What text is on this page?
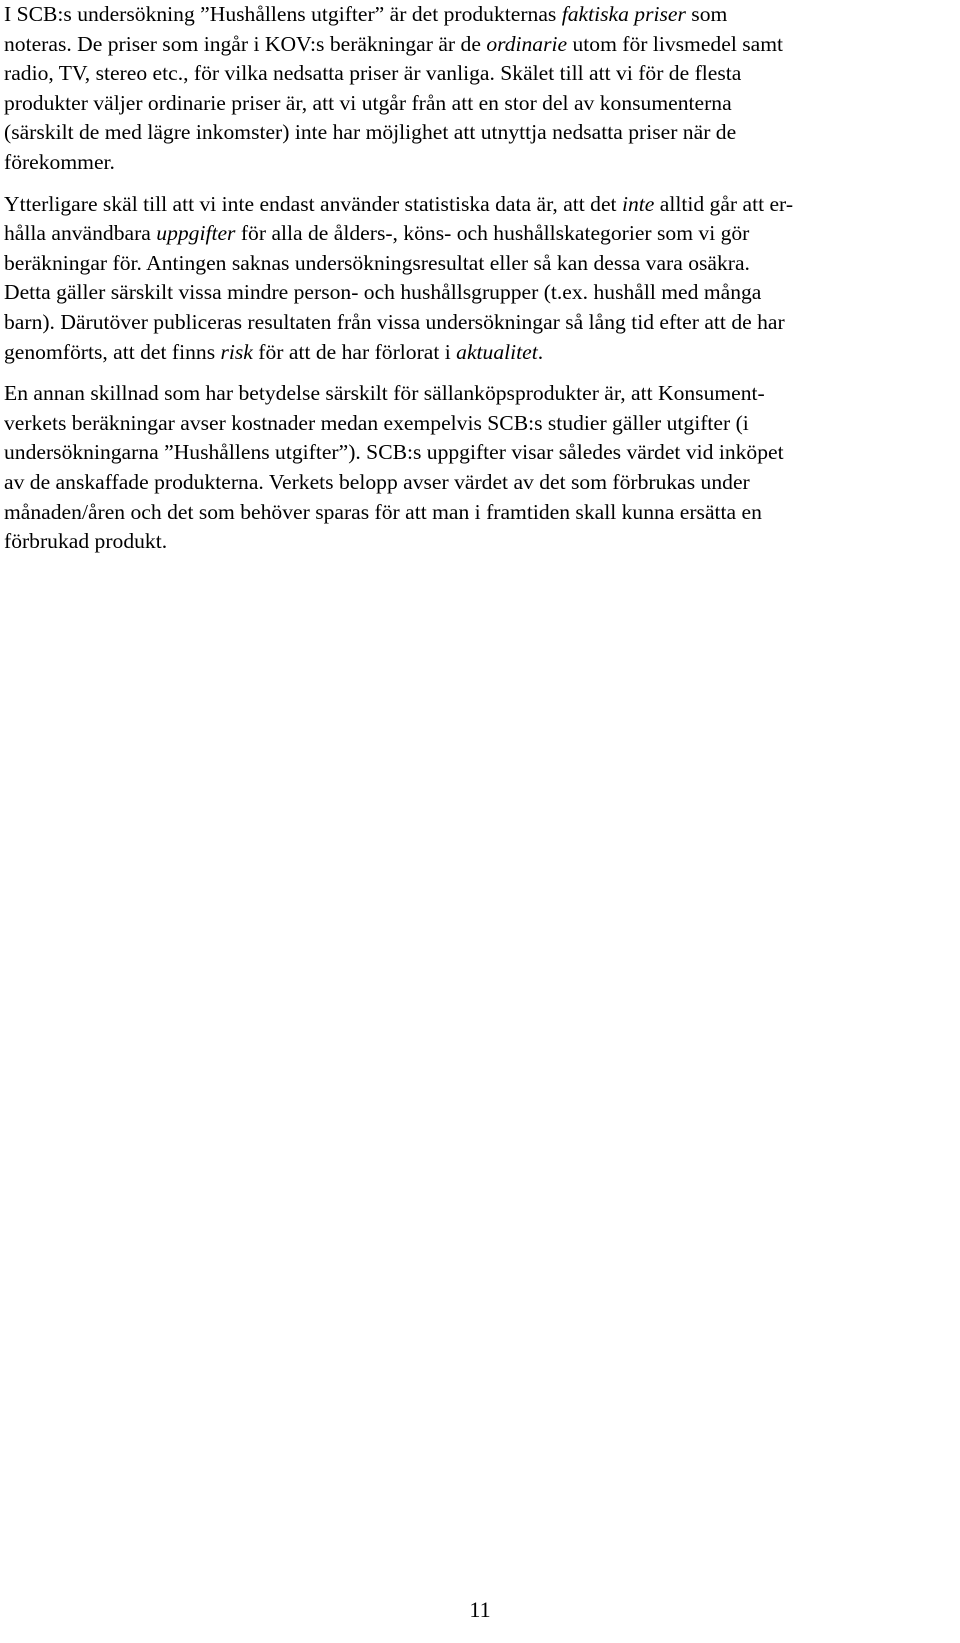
I SCB:s undersökning ”Hushållens utgifter” är det produkternas faktiska priser som
noteras. De priser som ingår i KOV:s beräkningar är de ordinarie utom för livsmedel samt
radio, TV, stereo etc., för vilka nedsatta priser är vanliga. Skälet till att vi för de flesta
produkter väljer ordinarie priser är, att vi utgår från att en stor del av konsumenterna
(särskilt de med lägre inkomster) inte har möjlighet att utnyttja nedsatta priser när de
förekommer.

Ytterligare skäl till att vi inte endast använder statistiska data är, att det inte alltid går att er-
hålla användbara uppgifter för alla de ålders-, köns- och hushållskategorier som vi gör
beräkningar för. Antingen saknas undersökningsresultat eller så kan dessa vara osäkra.
Detta gäller särskilt vissa mindre person- och hushållsgrupper (t.ex. hushåll med många
barn). Därutöver publiceras resultaten från vissa undersökningar så lång tid efter att de har
genomförts, att det finns risk för att de har förlorat i aktualitet.

En annan skillnad som har betydelse särskilt för sällanköpsprodukter är, att Konsument-
verkets beräkningar avser kostnader medan exempelvis SCB:s studier gäller utgifter (i
undersökningarna ”Hushållens utgifter”). SCB:s uppgifter visar således värdet vid inköpet
av de anskaffade produkterna. Verkets belopp avser värdet av det som förbrukas under
månaden/åren och det som behöver sparas för att man i framtiden skall kunna ersätta en
förbrukad produkt.

11
